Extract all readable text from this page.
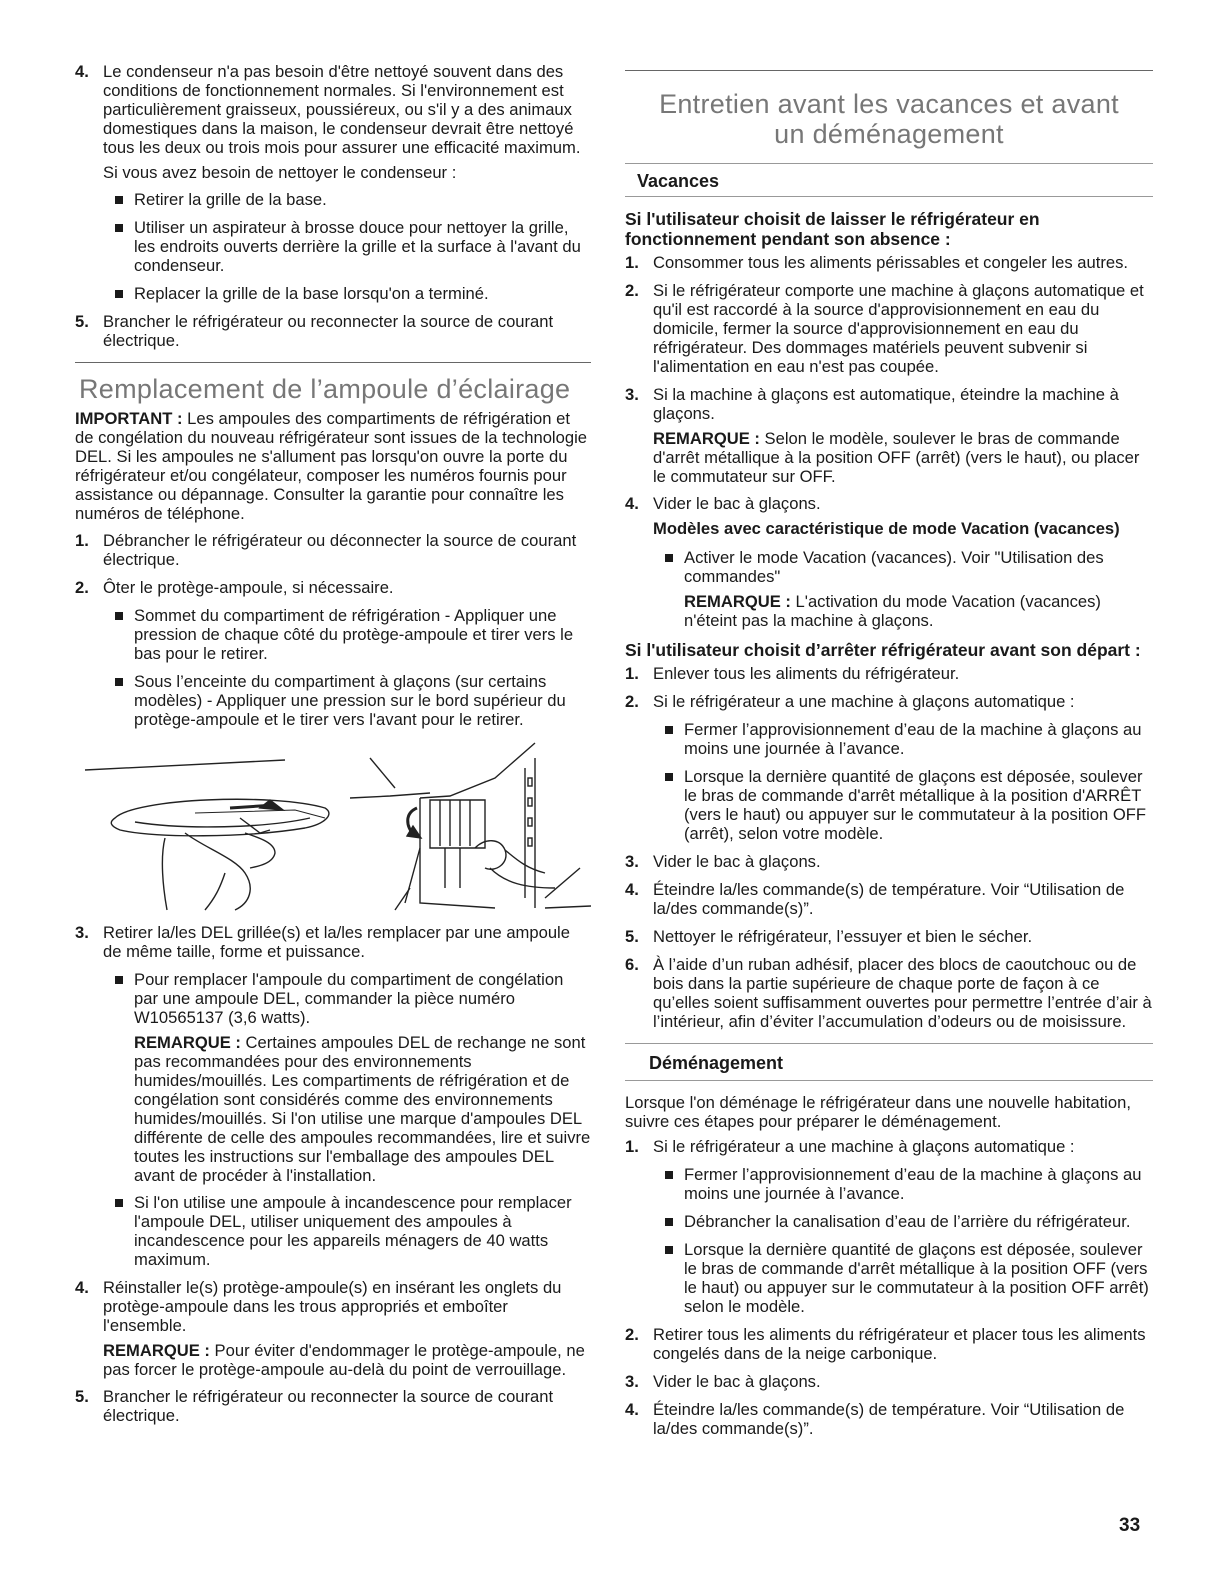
4. Le condenseur n'a pas besoin d'être nettoyé souvent dans des conditions de fonctionnement normales. Si l'environnement est particulièrement graisseux, poussiéreux, ou s'il y a des animaux domestiques dans la maison, le condenseur devrait être nettoyé tous les deux ou trois mois pour assurer une efficacité maximum.

Si vous avez besoin de nettoyer le condenseur :

Retirer la grille de la base.

Utiliser un aspirateur à brosse douce pour nettoyer la grille, les endroits ouverts derrière la grille et la surface à l'avant du condenseur.

Replacer la grille de la base lorsqu'on a terminé.

5. Brancher le réfrigérateur ou reconnecter la source de courant électrique.

Remplacement de l’ampoule d’éclairage

IMPORTANT : Les ampoules des compartiments de réfrigération et de congélation du nouveau réfrigérateur sont issues de la technologie DEL. Si les ampoules ne s'allument pas lorsqu'on ouvre la porte du réfrigérateur et/ou congélateur, composer les numéros fournis pour assistance ou dépannage. Consulter la garantie pour connaître les numéros de téléphone.

1. Débrancher le réfrigérateur ou déconnecter la source de courant électrique.

2. Ôter le protège-ampoule, si nécessaire.

Sommet du compartiment de réfrigération - Appliquer une pression de chaque côté du protège-ampoule et tirer vers le bas pour le retirer.

Sous l’enceinte du compartiment à glaçons (sur certains modèles) - Appliquer une pression sur le bord supérieur du protège-ampoule et le tirer vers l'avant pour le retirer.

3. Retirer la/les DEL grillée(s) et la/les remplacer par une ampoule de même taille, forme et puissance.

Pour remplacer l'ampoule du compartiment de congélation par une ampoule DEL, commander la pièce numéro W10565137 (3,6 watts).

REMARQUE : Certaines ampoules DEL de rechange ne sont pas recommandées pour des environnements humides/mouillés. Les compartiments de réfrigération et de congélation sont considérés comme des environnements humides/mouillés. Si l'on utilise une marque d'ampoules DEL différente de celle des ampoules recommandées, lire et suivre toutes les instructions sur l'emballage des ampoules DEL avant de procéder à l'installation.

Si l'on utilise une ampoule à incandescence pour remplacer l'ampoule DEL, utiliser uniquement des ampoules à incandescence pour les appareils ménagers de 40 watts maximum.

4. Réinstaller le(s) protège-ampoule(s) en insérant les onglets du protège-ampoule dans les trous appropriés et emboîter l'ensemble.

REMARQUE : Pour éviter d'endommager le protège-ampoule, ne pas forcer le protège-ampoule au-delà du point de verrouillage.

5. Brancher le réfrigérateur ou reconnecter la source de courant électrique.

Entretien avant les vacances et avant
un déménagement
Vacances
Si l'utilisateur choisit de laisser le réfrigérateur en fonctionnement pendant son absence :
1. Consommer tous les aliments périssables et congeler les autres.

2. Si le réfrigérateur comporte une machine à glaçons automatique et qu'il est raccordé à la source d'approvisionnement en eau du domicile, fermer la source d'approvisionnement en eau du réfrigérateur. Des dommages matériels peuvent subvenir si l'alimentation en eau n'est pas coupée.

3. Si la machine à glaçons est automatique, éteindre la machine à glaçons.

REMARQUE : Selon le modèle, soulever le bras de commande d'arrêt métallique à la position OFF (arrêt) (vers le haut), ou placer le commutateur sur OFF.

4. Vider le bac à glaçons.

Modèles avec caractéristique de mode Vacation (vacances)

Activer le mode Vacation (vacances). Voir "Utilisation des commandes"

REMARQUE : L'activation du mode Vacation (vacances) n'éteint pas la machine à glaçons.

Si l'utilisateur choisit d’arrêter réfrigérateur avant son départ :
1. Enlever tous les aliments du réfrigérateur.

2. Si le réfrigérateur a une machine à glaçons automatique :

Fermer l’approvisionnement d’eau de la machine à glaçons au moins une journée à l’avance.

Lorsque la dernière quantité de glaçons est déposée, soulever le bras de commande d'arrêt métallique à la position d'ARRÊT (vers le haut) ou appuyer sur le commutateur à la position OFF (arrêt), selon votre modèle.

3. Vider le bac à glaçons.

4. Éteindre la/les commande(s) de température. Voir “Utilisation de la/des commande(s)”.

5. Nettoyer le réfrigérateur, l’essuyer et bien le sécher.

6. À l’aide d’un ruban adhésif, placer des blocs de caoutchouc ou de bois dans la partie supérieure de chaque porte de façon à ce qu’elles soient suffisamment ouvertes pour permettre l’entrée d’air à l’intérieur, afin d’éviter l’accumulation d’odeurs ou de moisissure.

Déménagement

Lorsque l'on déménage le réfrigérateur dans une nouvelle habitation, suivre ces étapes pour préparer le déménagement.

1. Si le réfrigérateur a une machine à glaçons automatique :

Fermer l’approvisionnement d’eau de la machine à glaçons au moins une journée à l’avance.

Débrancher la canalisation d’eau de l’arrière du réfrigérateur.

Lorsque la dernière quantité de glaçons est déposée, soulever le bras de commande d'arrêt métallique à la position OFF (vers le haut) ou appuyer sur le commutateur à la position OFF arrêt) selon le modèle.

2. Retirer tous les aliments du réfrigérateur et placer tous les aliments congelés dans de la neige carbonique.

3. Vider le bac à glaçons.

4. Éteindre la/les commande(s) de température. Voir “Utilisation de la/des commande(s)”.

33
